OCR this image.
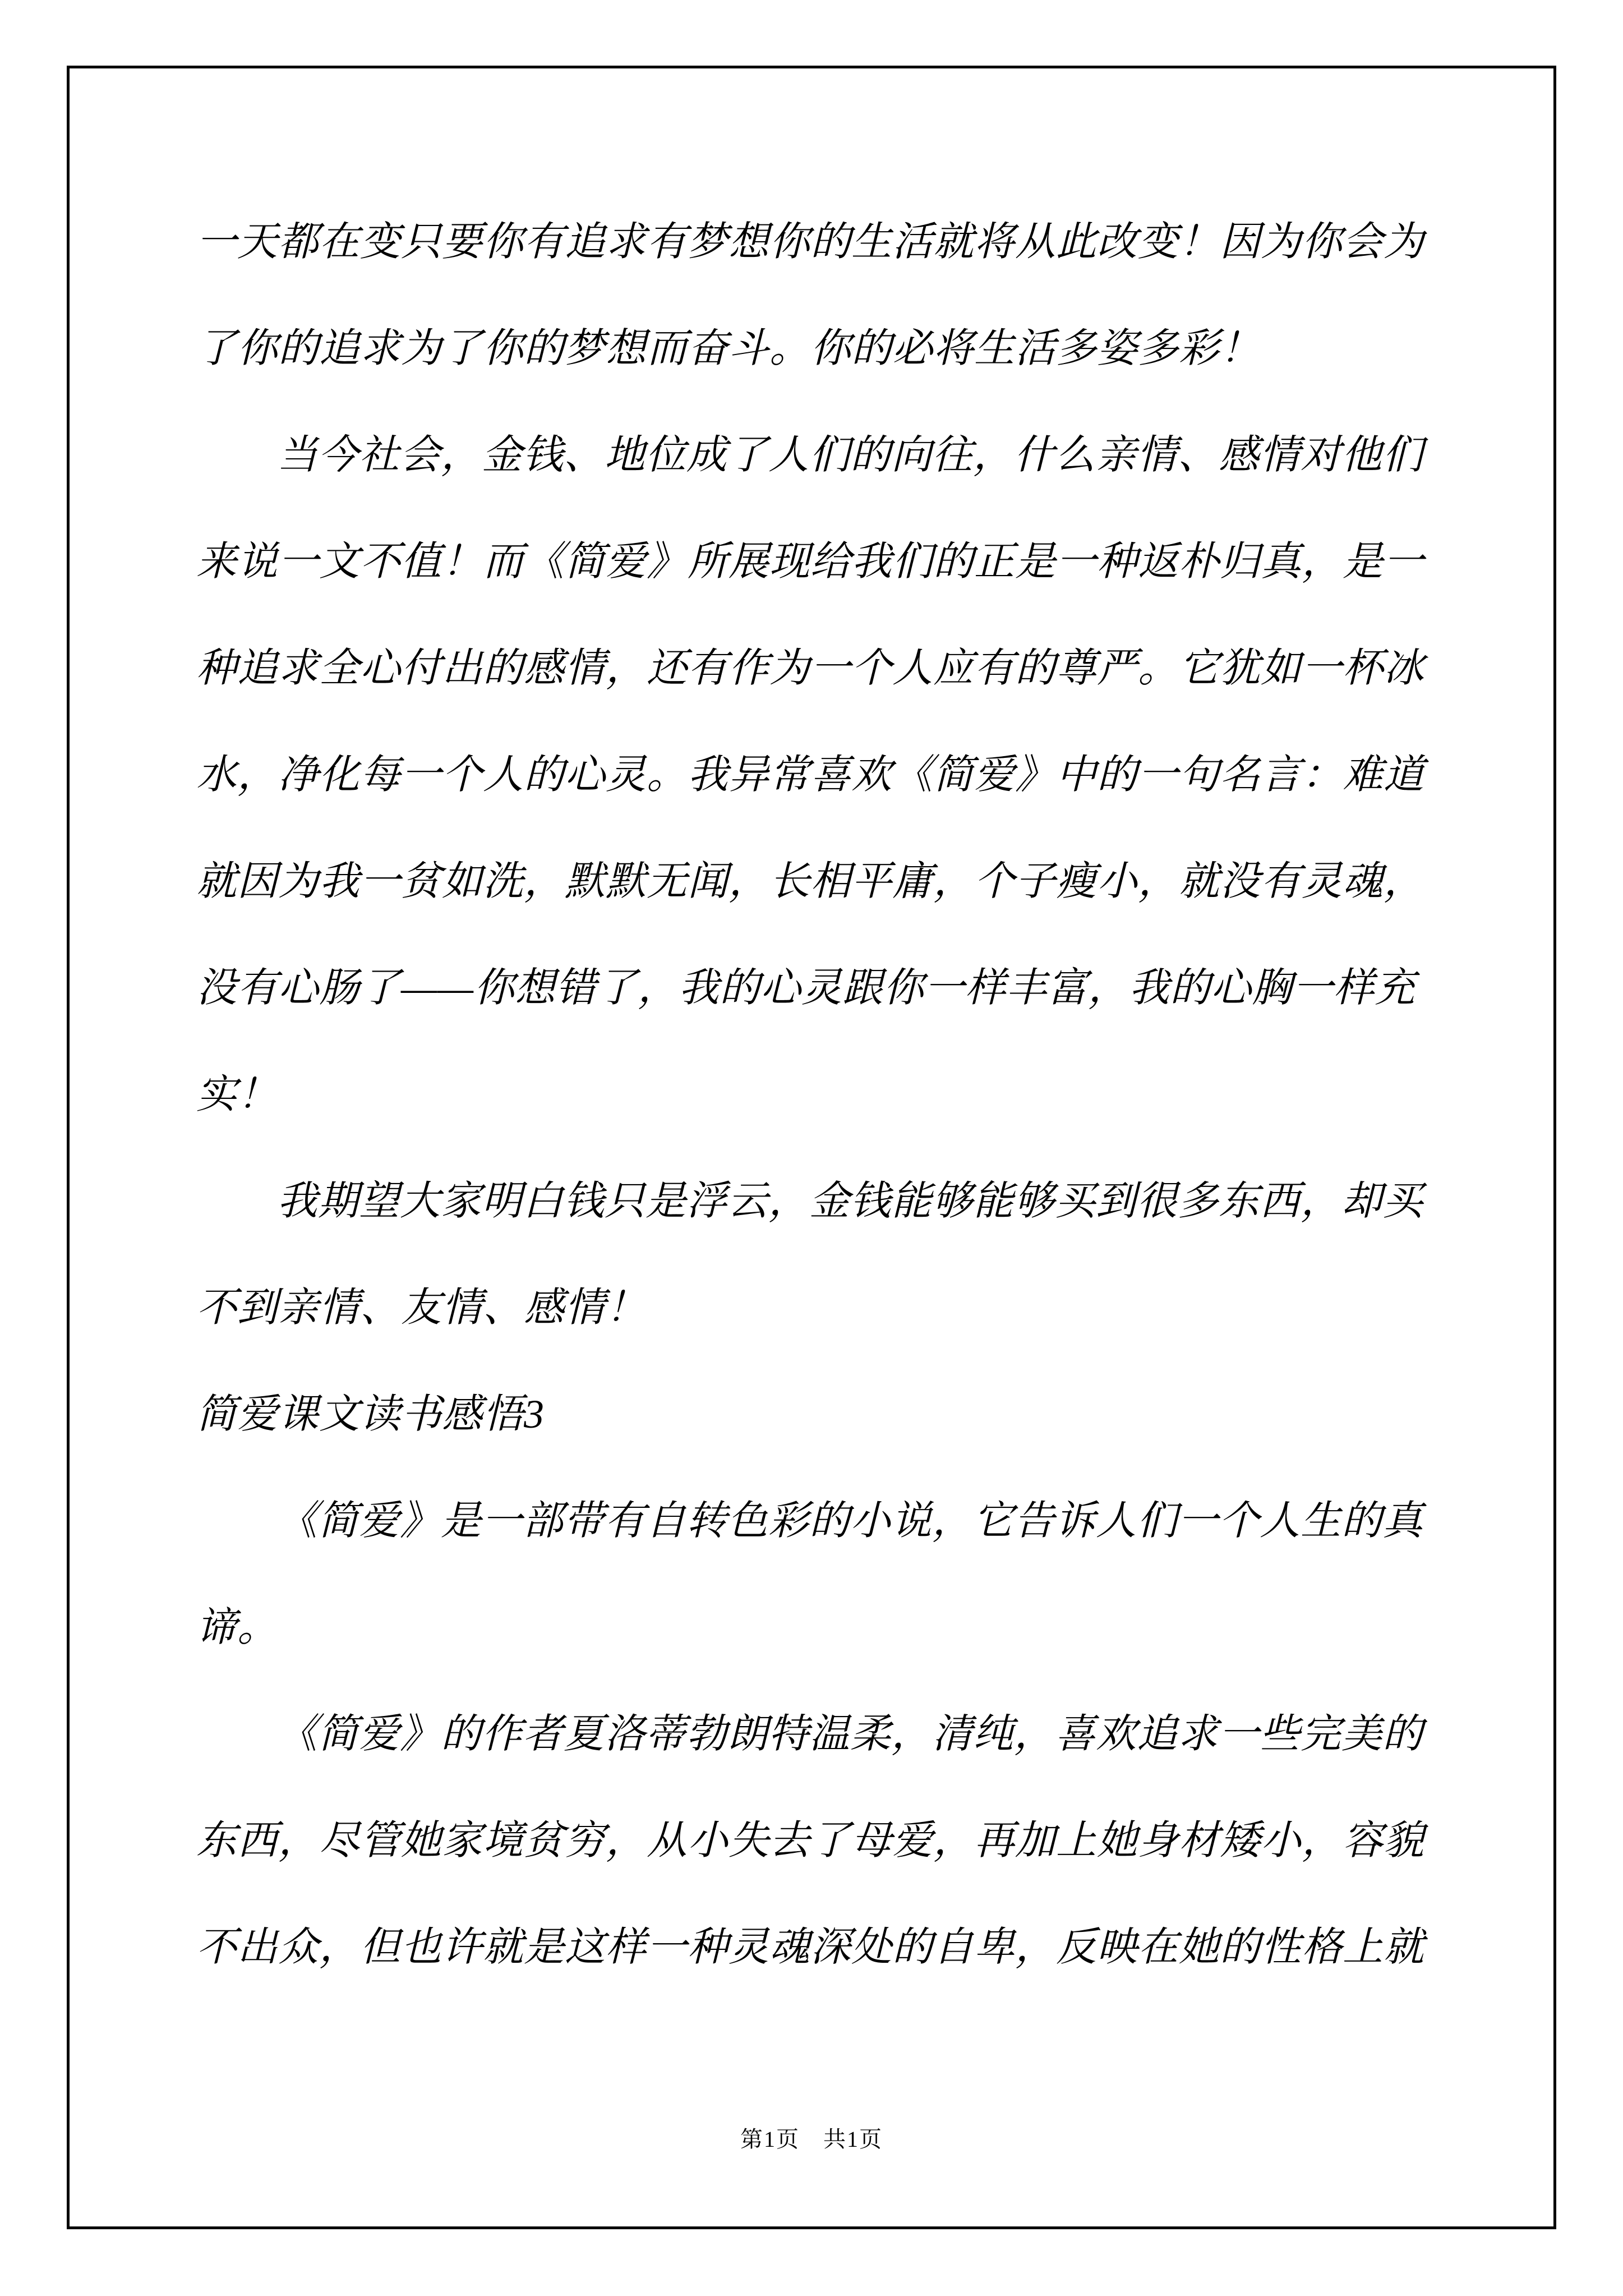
一天都在变只要你有追求有梦想你的生活就将从此改变！因为你会为
了你的追求为了你的梦想而奋斗。你的必将生活多姿多彩！
当今社会，金钱、地位成了人们的向往，什么亲情、感情对他们
来说一文不值！而《简爱》所展现给我们的正是一种返朴归真，是一
种追求全心付出的感情，还有作为一个人应有的尊严。它犹如一杯冰
水，净化每一个人的心灵。我异常喜欢《简爱》中的一句名言：难道
就因为我一贫如洗，默默无闻，长相平庸，个子瘦小，就没有灵魂，
没有心肠了——你想错了，我的心灵跟你一样丰富，我的心胸一样充
实！
我期望大家明白钱只是浮云，金钱能够能够买到很多东西，却买
不到亲情、友情、感情！
简爱课文读书感悟3
《简爱》是一部带有自转色彩的小说，它告诉人们一个人生的真
谛。
《简爱》的作者夏洛蒂勃朗特温柔，清纯，喜欢追求一些完美的
东西，尽管她家境贫穷，从小失去了母爱，再加上她身材矮小，容貌
不出众，但也许就是这样一种灵魂深处的自卑，反映在她的性格上就
第1页　共1页
